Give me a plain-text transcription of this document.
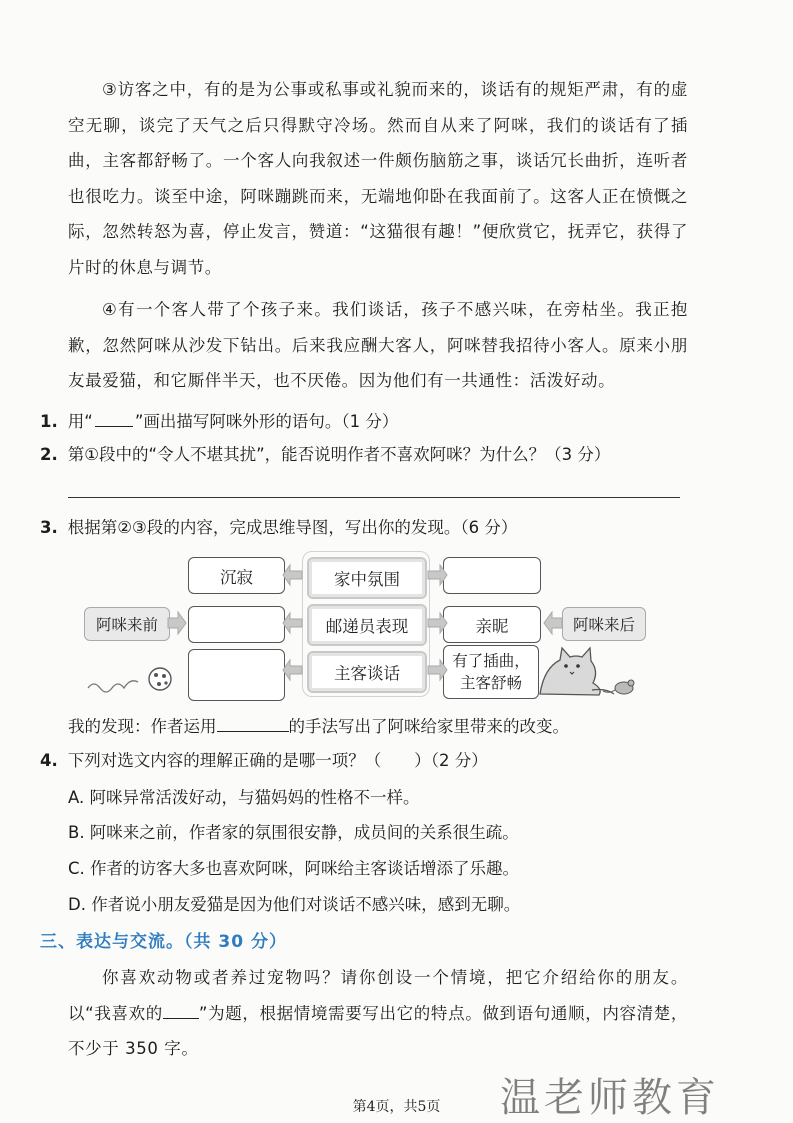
③访客之中，有的是为公事或私事或礼貌而来的，谈话有的规矩严肃，有的虚空无聊，谈完了天气之后只得默守冷场。然而自从来了阿咪，我们的谈话有了插曲，主客都舒畅了。一个客人向我叙述一件颇伤脑筋之事，谈话冗长曲折，连听者也很吃力。谈至中途，阿咪蹦跳而来，无端地仰卧在我面前了。这客人正在愤慨之际，忽然转怒为喜，停止发言，赞道：“这猫很有趣！”便欣赏它，抚弄它，获得了片时的休息与调节。

④有一个客人带了个孩子来。我们谈话，孩子不感兴味，在旁枯坐。我正抱歉，忽然阿咪从沙发下钻出。后来我应酬大客人，阿咪替我招待小客人。原来小朋友最爱猫，和它厮伴半天，也不厌倦。因为他们有一共通性：活泼好动。

1. 用“	”画出描写阿咪外形的语句。（1 分）
2. 第①段中的“令人不堪其扰”，能否说明作者不喜欢阿咪？为什么？（3 分）
3. 根据第②③段的内容，完成思维导图，写出你的发现。（6 分）
家中氛围
邮递员表现
主客谈话
沉寂
亲昵
有了插曲，主客舒畅
阿咪来前	阿咪来后
我的发现：作者运用	的手法写出了阿咪给家里带来的改变。
4. 下列对选文内容的理解正确的是哪一项？（　　）（2 分）
A. 阿咪异常活泼好动，与猫妈妈的性格不一样。
B. 阿咪来之前，作者家的氛围很安静，成员间的关系很生疏。
C. 作者的访客大多也喜欢阿咪，阿咪给主客谈话增添了乐趣。
D. 作者说小朋友爱猫是因为他们对谈话不感兴味，感到无聊。
三、表达与交流。（共 30 分）

你喜欢动物或者养过宠物吗？请你创设一个情境，把它介绍给你的朋友。以“我喜欢的 ”为题，根据情境需要写出它的特点。做到语句通顺，内容清楚，不少于 350 字。

第4页，共5页	温老师教育
